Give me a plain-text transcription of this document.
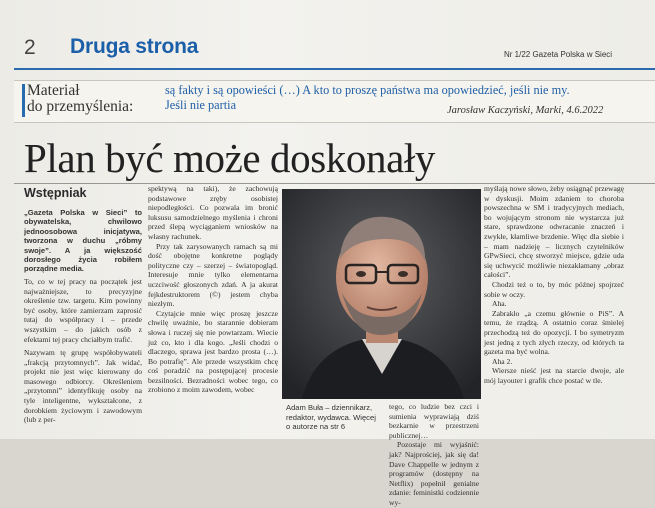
2 Druga strona	Nr 1/22 Gazeta Polska w Sieci
Materiał
do przemyślenia:
są fakty i są opowieści (…) A kto to proszę państwa ma opowiedzieć, jeśli nie my.
Jeśli nie partia	Jarosław Kaczyński, Marki, 4.6.2022
Plan być może doskonały
Wstępniak
„Gazeta Polska w Sieci” to obywatelska, chwilowo jednoosobowa inicjatywa, tworzona w duchu „róbmy swoje”. A ja większość dorosłego życia robiłem porządne media.

To, co w tej pracy na początek jest najważniejsze, to precyzyjne określenie tzw. targetu. Kim powinny być osoby, które zamierzam zaprosić tutaj do współpracy i – przede wszystkim – do jakich osób z efektami tej pracy chciałbym trafić.

Nazywam tę grupę współobywateli „frakcją przytomnych”. Jak widać, projekt nie jest więc kierowany do masowego odbiorcy. Określeniem „przytomni” identyfikuję osoby na tyle inteligentne, wykształcone, z dorobkiem życiowym i zawodowym (lub z per-

spektywą na taki), że zachowują podstawowe zręby osobistej niepodległości. Co pozwala im bronić luksusu samodzielnego myślenia i chroni przed ślepą wyciąganiem wniosków na własny rachunek.

Przy tak zarysowanych ramach są mi dość obojętne konkretne poglądy polityczne czy – szerzej – światopogląd. Interesuje mnie tylko elementarna uczciwość głoszonych zdań. A ja akurat fejkdestruktorem (©) jestem chyba niezłym.

Czytajcie mnie więc proszę jeszcze chwilę uważnie, bo starannie dobieram słowa i ruczej się nie powtarzam. Wiecie już co, kto i dla kogo. „Jeśli chodzi o dlaczego, sprawa jest bardzo prosta (…). Bo potrafię”. Ale przede wszystkim chcę coś poradzić na postępującej procesie bezsilności. Bezradności wobec tego, co zrobiono z moim zawodem, wobec

Adam Buła – dziennikarz, redaktor, wydawca. Więcej o autorze na str 6

tego, co ludzie bez czci i sumienia wyprawiają dziś bezkarnie w przestrzeni publicznej…

Pozostaje mi wyjaśnić: jak? Najprościej, jak się da! Dave Chappelle w jednym z programów (dostępny na Netflix) popełnił genialne zdanie: feministki codziennie wy-

myślają nowe słowo, żeby osiągnąć przewagę w dyskusji. Moim zdaniem to choroba powszechna w SM i tradycyjnych mediach, bo wojującym stronom nie wystarcza już stare, sprawdzone odwracanie znaczeń i zwykłe, kłamliwe brzdenie. Więc dla siebie i – mam nadzieję – licznych czytelników GPwSieci, chcę stworzyć miejsce, gdzie uda się uchwycić możliwie niezakłamany „obraz całości”.

Chodzi też o to, by móc późnej spojrzeć sobie w oczy.

Aha.

Zabrakło „a czemu głównie o PiS”. A temu, że rządzą. A ostatnio coraz śmielej przechodzą też do opozycji. I bo symetryzm jest jedną z tych złych rzeczy, od których ta gazeta ma być wolna.

Aha 2.

Wiersze nieść jest na starcie dwoje, ale mój layouter i grafik chce postać w tle.
